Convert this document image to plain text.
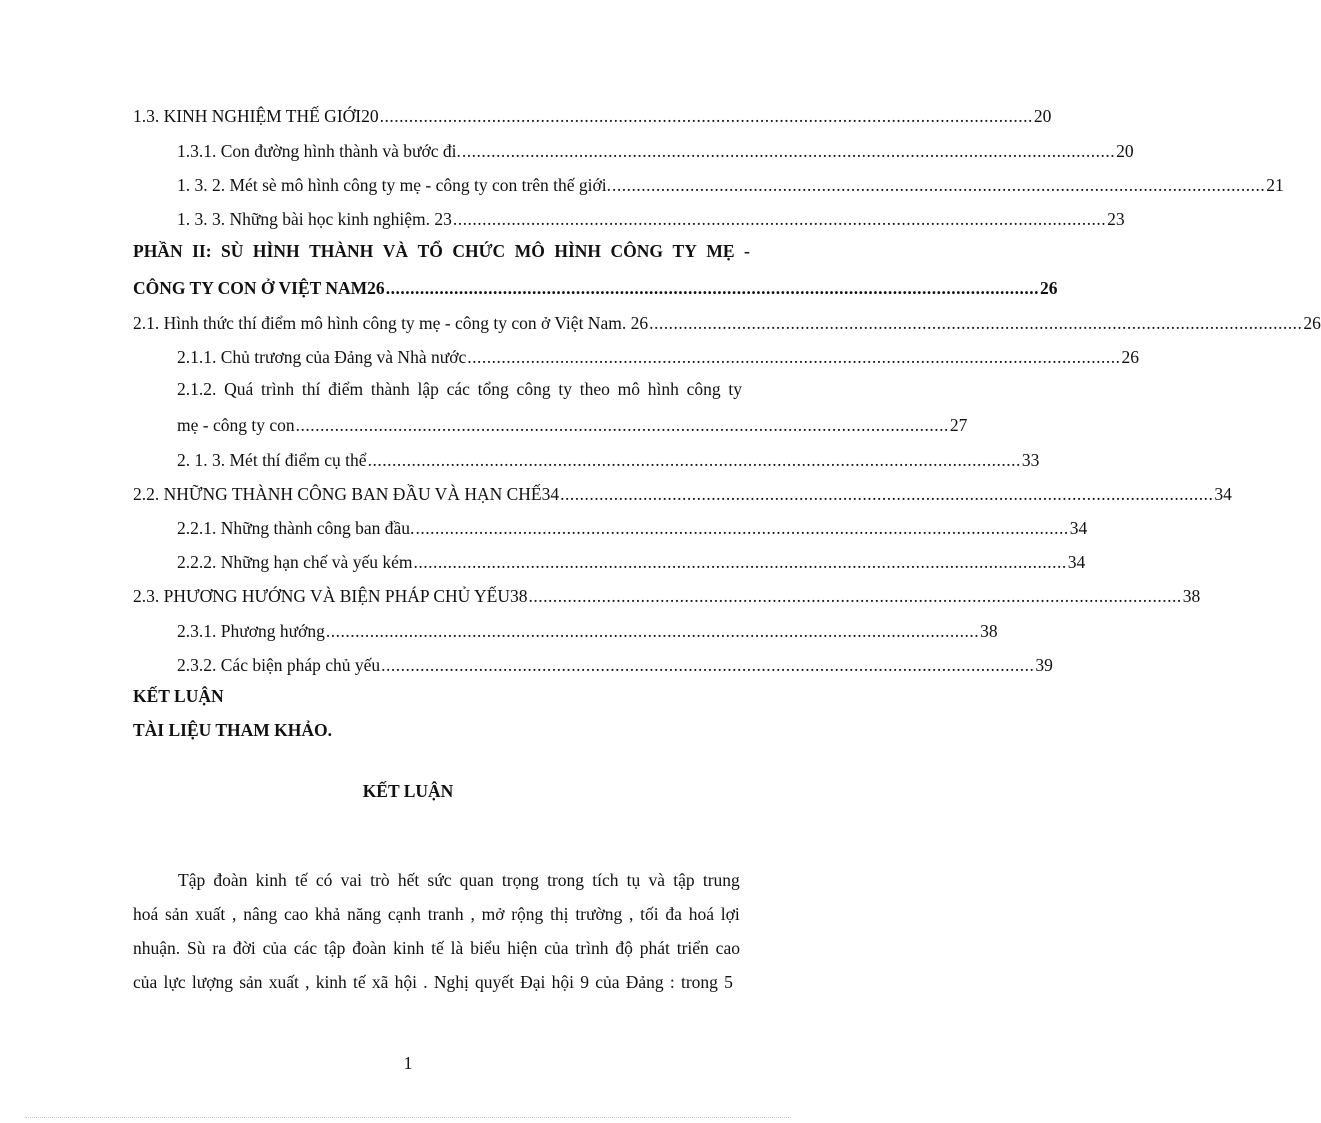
1.3. KINH NGHIỆM THẾ GIỚI20 ...................................................................................................................................... 20
1.3.1. Con đường hình thành và bước đi. ...................................................................................................................................... 20
1. 3. 2. Mét sè mô hình công ty mẹ - công ty con trên thế giới. ...................................................................................................................................... 21
1. 3. 3. Những bài học kinh nghiệm. 23 ...................................................................................................................................... 23
PHẦN II: SÙ HÌNH THÀNH VÀ TỔ CHỨC MÔ HÌNH CÔNG TY MẸ -
CÔNG TY CON Ở VIỆT NAM26 ...................................................................................................................................... 26
2.1. Hình thức thí điểm mô hình công ty mẹ - công ty con ở Việt Nam. 26 ...................................................................................................................................... 26
2.1.1. Chủ trương của Đảng và Nhà nước ...................................................................................................................................... 26
2.1.2. Quá trình thí điểm thành lập các tổng công ty theo mô hình công ty
mẹ - công ty con ...................................................................................................................................... 27
2. 1. 3. Mét thí điểm cụ thể ...................................................................................................................................... 33
2.2. NHỮNG THÀNH CÔNG BAN ĐẦU VÀ HẠN CHẾ34 ...................................................................................................................................... 34
2.2.1. Những thành công ban đầu. ...................................................................................................................................... 34
2.2.2. Những hạn chế và yếu kém ...................................................................................................................................... 34
2.3. PHƯƠNG HƯỚNG VÀ BIỆN PHÁP CHỦ YẾU38 ...................................................................................................................................... 38
2.3.1. Phương hướng ...................................................................................................................................... 38
2.3.2. Các biện pháp chủ yếu ...................................................................................................................................... 39
KẾT LUẬN
TÀI LIỆU THAM KHẢO.
KẾT LUẬN
Tập đoàn kinh tế có vai trò hết sức quan trọng trong tích tụ và tập trung
hoá sản xuất , nâng cao khả năng cạnh tranh , mở rộng thị trường , tối đa hoá lợi
nhuận. Sù ra đời của các tập đoàn kinh tế là biểu hiện của trình độ phát triển cao
của lực lượng sản xuất , kinh tế xã hội . Nghị quyết Đại hội 9 của Đảng : trong 5
1
